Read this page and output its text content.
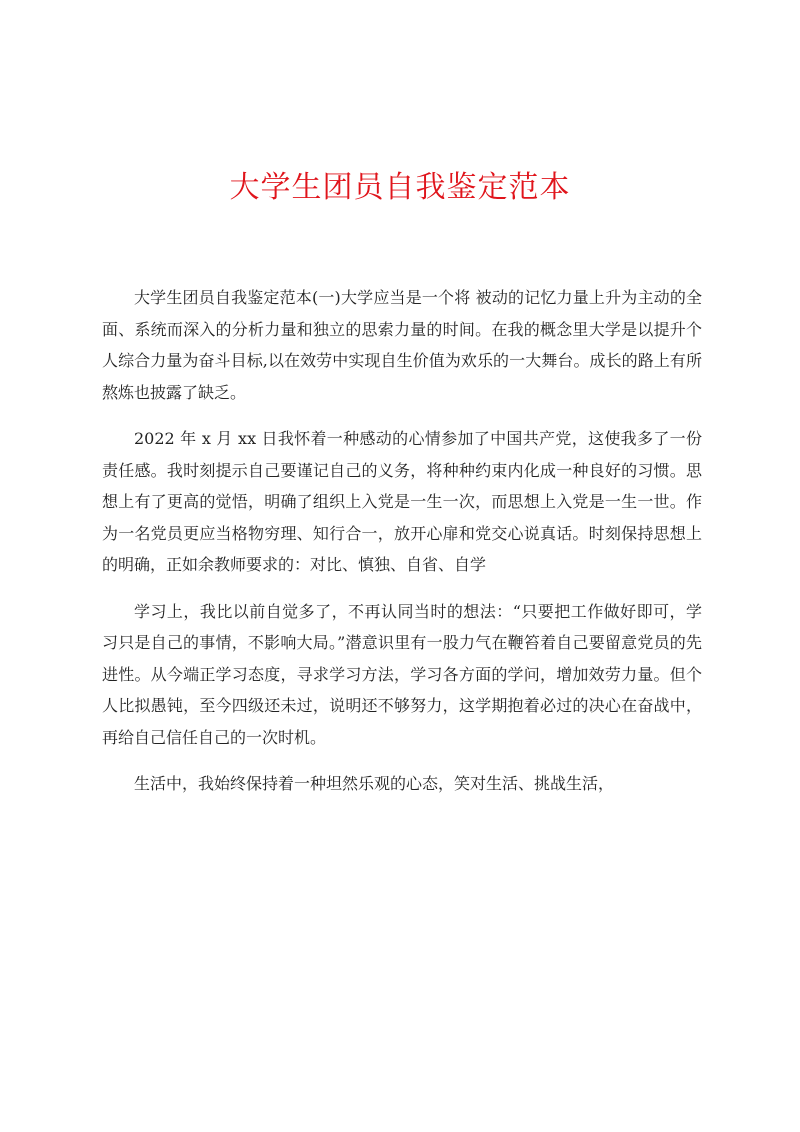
大学生团员自我鉴定范本

大学生团员自我鉴定范本(一)大学应当是一个将 被动的记忆力量上升为主动的全面、系统而深入的分析力量和独立的思索力量的时间。在我的概念里大学是以提升个人综合力量为奋斗目标,以在效劳中实现自生价值为欢乐的一大舞台。成长的路上有所熬炼也披露了缺乏。

2022 年 x 月 xx 日我怀着一种感动的心情参加了中国共产党，这使我多了一份责任感。我时刻提示自己要谨记自己的义务，将种种约束内化成一种良好的习惯。思想上有了更高的觉悟，明确了组织上入党是一生一次，而思想上入党是一生一世。作为一名党员更应当格物穷理、知行合一，放开心扉和党交心说真话。时刻保持思想上的明确，正如余教师要求的：对比、慎独、自省、自学

学习上，我比以前自觉多了，不再认同当时的想法：“只要把工作做好即可，学习只是自己的事情，不影响大局。”潜意识里有一股力气在鞭笞着自己要留意党员的先进性。从今端正学习态度，寻求学习方法，学习各方面的学问，增加效劳力量。但个人比拟愚钝，至今四级还未过，说明还不够努力，这学期抱着必过的决心在奋战中，再给自己信任自己的一次时机。

生活中，我始终保持着一种坦然乐观的心态，笑对生活、挑战生活，
